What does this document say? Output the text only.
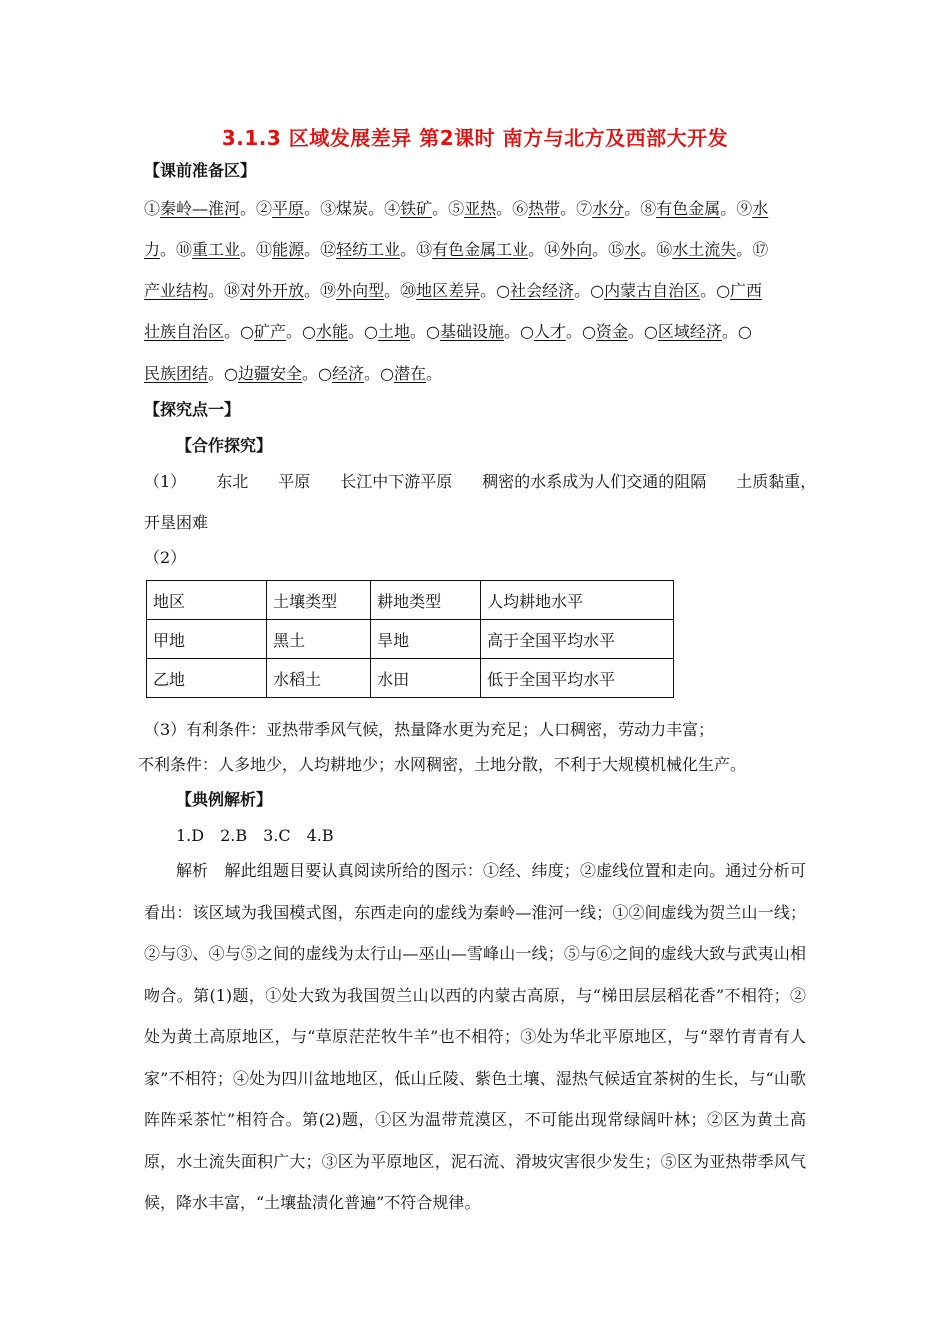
3.1.3 区域发展差异 第2课时 南方与北方及西部大开发
【课前准备区】
①秦岭—淮河。②平原。③煤炭。④铁矿。⑤亚热。⑥热带。⑦水分。⑧有色金属。⑨水
力。⑩重工业。⑪能源。⑫轻纺工业。⑬有色金属工业。⑭外向。⑮水。⑯水土流失。⑰
产业结构。⑱对外开放。⑲外向型。⑳地区差异。○社会经济。○内蒙古自治区。○广西
壮族自治区。○矿产。○水能。○土地。○基础设施。○人才。○资金。○区域经济。○
民族团结。○边疆安全。○经济。○潜在。
【探究点一】
【合作探究】
（1） 东北 平原 长江中下游平原 稠密的水系成为人们交通的阻隔 土质黏重，
开垦困难
（2）
地区	土壤类型	耕地类型	人均耕地水平
甲地	黑土	旱地	高于全国平均水平
乙地	水稻土	水田	低于全国平均水平
（3）有利条件：亚热带季风气候，热量降水更为充足；人口稠密，劳动力丰富；
不利条件：人多地少，人均耕地少；水网稠密，土地分散，不利于大规模机械化生产。
【典例解析】
1.D　2.B　3.C　4.B
解析　解此组题目要认真阅读所给的图示：①经、纬度；②虚线位置和走向。通过分析可看出：该区域为我国模式图，东西走向的虚线为秦岭—淮河一线；①②间虚线为贺兰山一线；②与③、④与⑤之间的虚线为太行山—巫山—雪峰山一线；⑤与⑥之间的虚线大致与武夷山相吻合。第(1)题，①处大致为我国贺兰山以西的内蒙古高原，与“梯田层层稻花香”不相符；②处为黄土高原地区，与“草原茫茫牧牛羊”也不相符；③处为华北平原地区，与“翠竹青青有人家”不相符；④处为四川盆地地区，低山丘陵、紫色土壤、湿热气候适宜茶树的生长，与“山歌阵阵采茶忙”相符合。第(2)题，①区为温带荒漠区，不可能出现常绿阔叶林；②区为黄土高原，水土流失面积广大；③区为平原地区，泥石流、滑坡灾害很少发生；⑤区为亚热带季风气候，降水丰富，“土壤盐渍化普遍”不符合规律。
